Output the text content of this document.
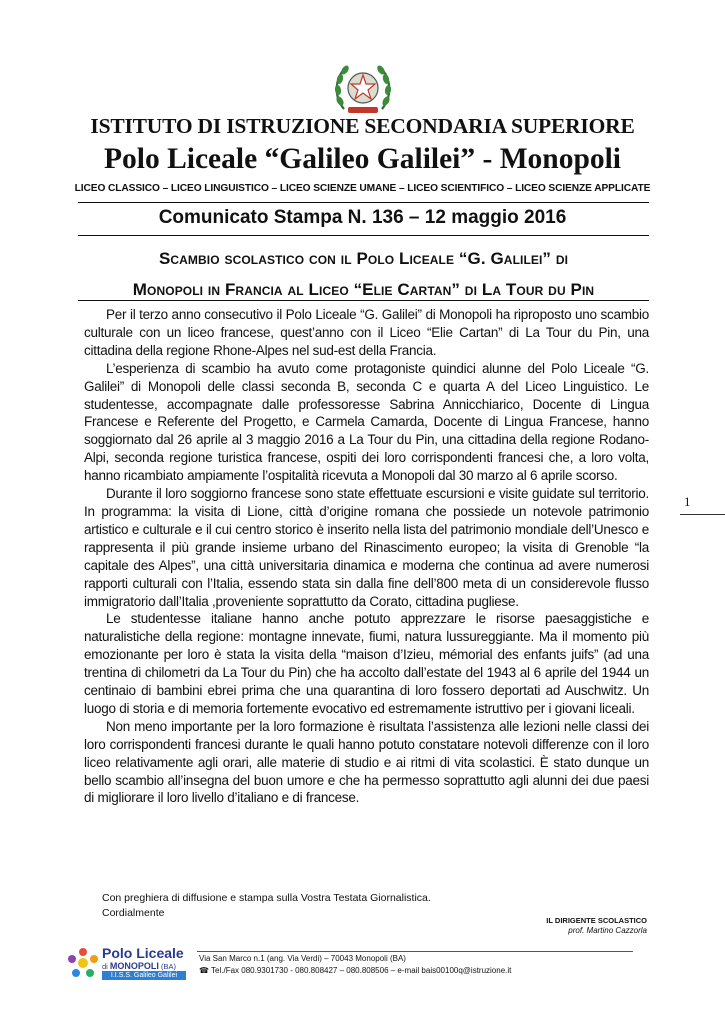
ISTITUTO DI ISTRUZIONE SECONDARIA SUPERIORE
Polo Liceale “Galileo Galilei” - Monopoli
LICEO CLASSICO – LICEO LINGUISTICO – LICEO SCIENZE UMANE – LICEO SCIENTIFICO – LICEO SCIENZE APPLICATE
Comunicato Stampa N. 136 – 12 maggio 2016
Scambio scolastico con il Polo Liceale “G. Galilei” di
Monopoli in Francia al Liceo “Elie Cartan” di La Tour du Pin

Per il terzo anno consecutivo il Polo Liceale “G. Galilei” di Monopoli ha riproposto uno scambio culturale con un liceo francese, quest’anno con il Liceo “Elie Cartan” di La Tour du Pin, una cittadina della regione Rhone-Alpes nel sud-est della Francia.

L’esperienza di scambio ha avuto come protagoniste quindici alunne del Polo Liceale “G. Galilei” di Monopoli delle classi seconda B, seconda C e quarta A del Liceo Linguistico. Le studentesse, accompagnate dalle professoresse Sabrina Annicchiarico, Docente di Lingua Francese e Referente del Progetto, e Carmela Camarda, Docente di Lingua Francese, hanno soggiornato dal 26 aprile al 3 maggio 2016 a La Tour du Pin, una cittadina della regione Rodano-Alpi, seconda regione turistica francese, ospiti dei loro corrispondenti francesi che, a loro volta, hanno ricambiato ampiamente l’ospitalità ricevuta a Monopoli dal 30 marzo al 6 aprile scorso.

Durante il loro soggiorno francese sono state effettuate escursioni e visite guidate sul territorio. In programma: la visita di Lione, città d’origine romana che possiede un notevole patrimonio artistico e culturale e il cui centro storico è inserito nella lista del patrimonio mondiale dell’Unesco e rappresenta il più grande insieme urbano del Rinascimento europeo; la visita di Grenoble “la capitale des Alpes”, una città universitaria dinamica e moderna che continua ad avere numerosi rapporti culturali con l’Italia, essendo stata sin dalla fine dell’800 meta di un considerevole flusso immigratorio dall’Italia ,proveniente soprattutto da Corato, cittadina pugliese.

Le studentesse italiane hanno anche potuto apprezzare le risorse paesaggistiche e naturalistiche della regione: montagne innevate, fiumi, natura lussureggiante. Ma il momento più emozionante per loro è stata la visita della “maison d’Izieu, mémorial des enfants juifs” (ad una trentina di chilometri da La Tour du Pin) che ha accolto dall’estate del 1943 al 6 aprile del 1944 un centinaio di bambini ebrei prima che una quarantina di loro fossero deportati ad Auschwitz. Un luogo di storia e di memoria fortemente evocativo ed estremamente istruttivo per i giovani liceali.

Non meno importante per la loro formazione è risultata l’assistenza alle lezioni nelle classi dei loro corrispondenti francesi durante le quali hanno potuto constatare notevoli differenze con il loro liceo relativamente agli orari, alle materie di studio e ai ritmi di vita scolastici. È stato dunque un bello scambio all’insegna del buon umore e che ha permesso soprattutto agli alunni dei due paesi di migliorare il loro livello d’italiano e di francese.

1
Con preghiera di diffusione e stampa sulla Vostra Testata Giornalistica.
Cordialmente
IL DIRIGENTE SCOLASTICO
prof. Martino Cazzorla
Polo Liceale
di MONOPOLI (BA)
I.I.S.S. Galileo Galilei
Via San Marco n.1 (ang. Via Verdi) – 70043 Monopoli (BA)
☎ Tel./Fax 080.9301730 - 080.808427 – 080.808506 – e-mail bais00100q@istruzione.it
